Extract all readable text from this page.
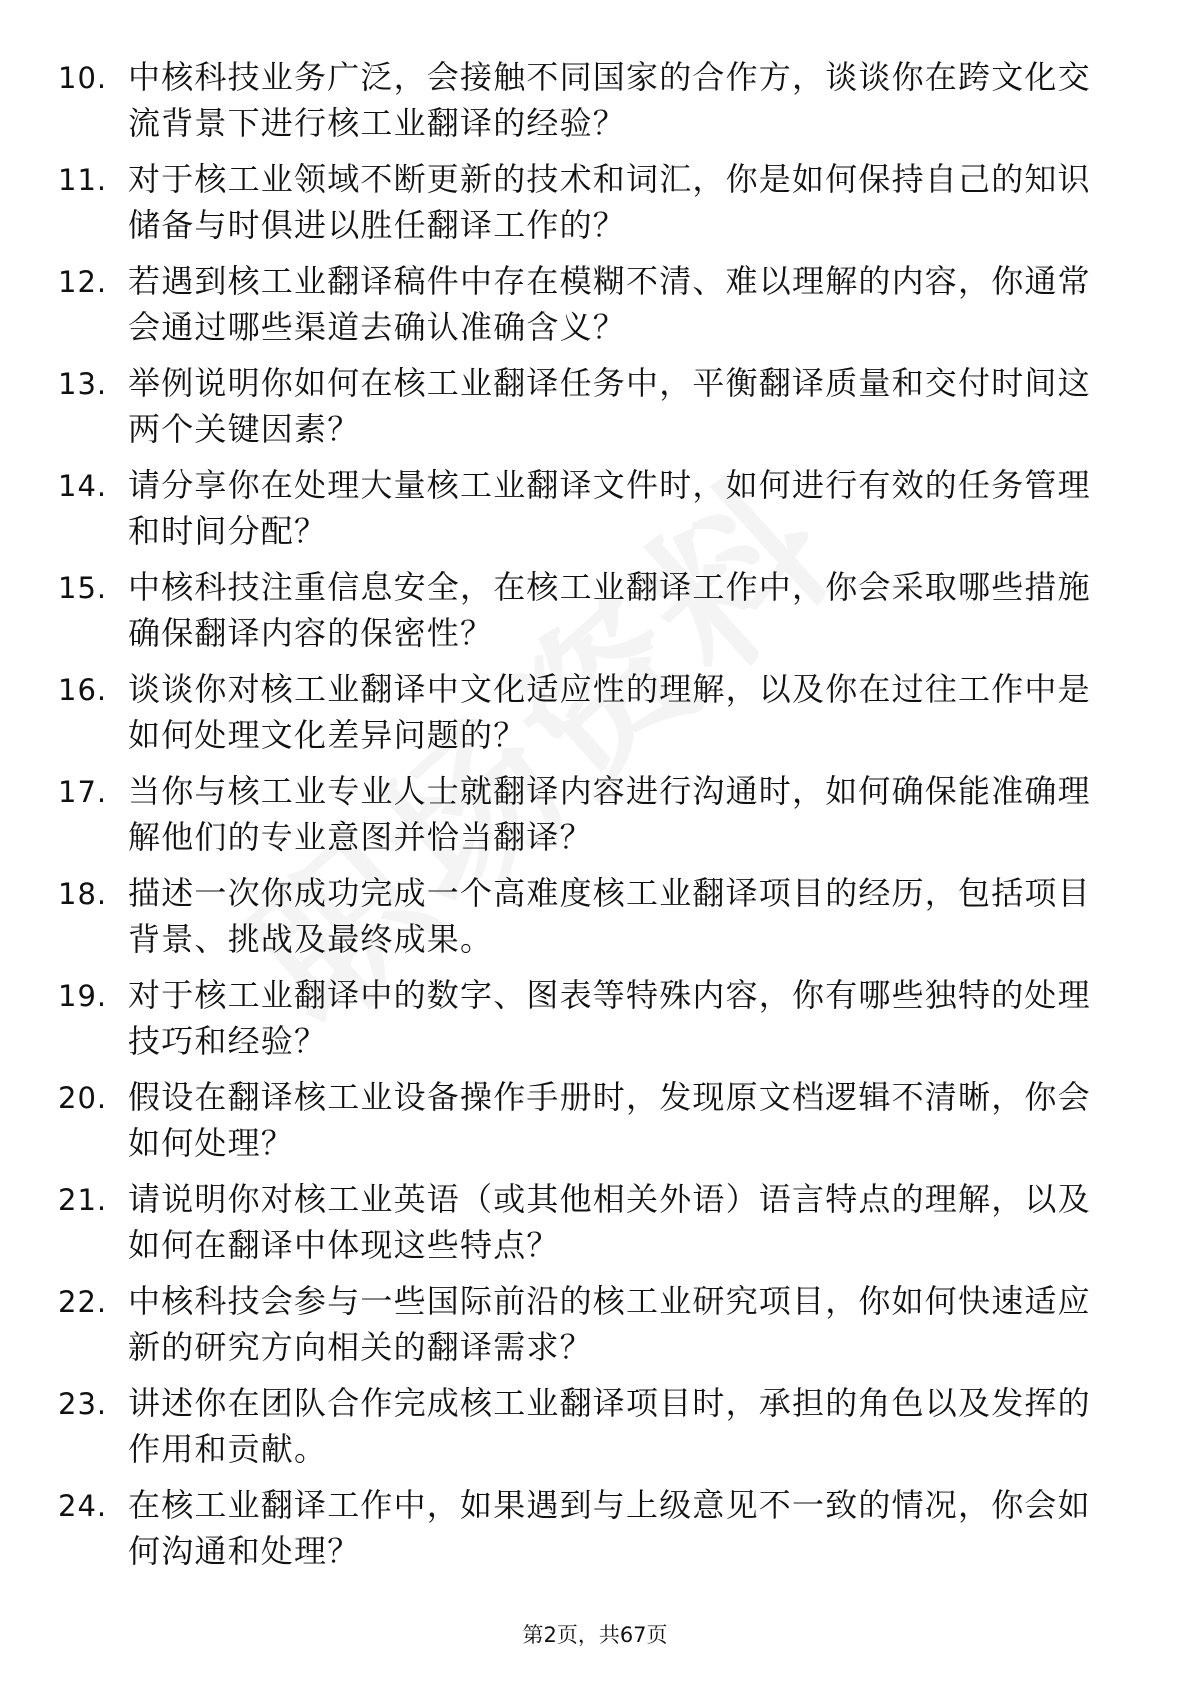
10. 中核科技业务广泛，会接触不同国家的合作方，谈谈你在跨文化交流背景下进行核工业翻译的经验？
11. 对于核工业领域不断更新的技术和词汇，你是如何保持自己的知识储备与时俱进以胜任翻译工作的？
12. 若遇到核工业翻译稿件中存在模糊不清、难以理解的内容，你通常会通过哪些渠道去确认准确含义？
13. 举例说明你如何在核工业翻译任务中，平衡翻译质量和交付时间这两个关键因素？
14. 请分享你在处理大量核工业翻译文件时，如何进行有效的任务管理和时间分配？
15. 中核科技注重信息安全，在核工业翻译工作中，你会采取哪些措施确保翻译内容的保密性？
16. 谈谈你对核工业翻译中文化适应性的理解，以及你在过往工作中是如何处理文化差异问题的？
17. 当你与核工业专业人士就翻译内容进行沟通时，如何确保能准确理解他们的专业意图并恰当翻译？
18. 描述一次你成功完成一个高难度核工业翻译项目的经历，包括项目背景、挑战及最终成果。
19. 对于核工业翻译中的数字、图表等特殊内容，你有哪些独特的处理技巧和经验？
20. 假设在翻译核工业设备操作手册时，发现原文档逻辑不清晰，你会如何处理？
21. 请说明你对核工业英语（或其他相关外语）语言特点的理解，以及如何在翻译中体现这些特点？
22. 中核科技会参与一些国际前沿的核工业研究项目，你如何快速适应新的研究方向相关的翻译需求？
23. 讲述你在团队合作完成核工业翻译项目时，承担的角色以及发挥的作用和贡献。
24. 在核工业翻译工作中，如果遇到与上级意见不一致的情况，你会如何沟通和处理？
第2页，共67页
